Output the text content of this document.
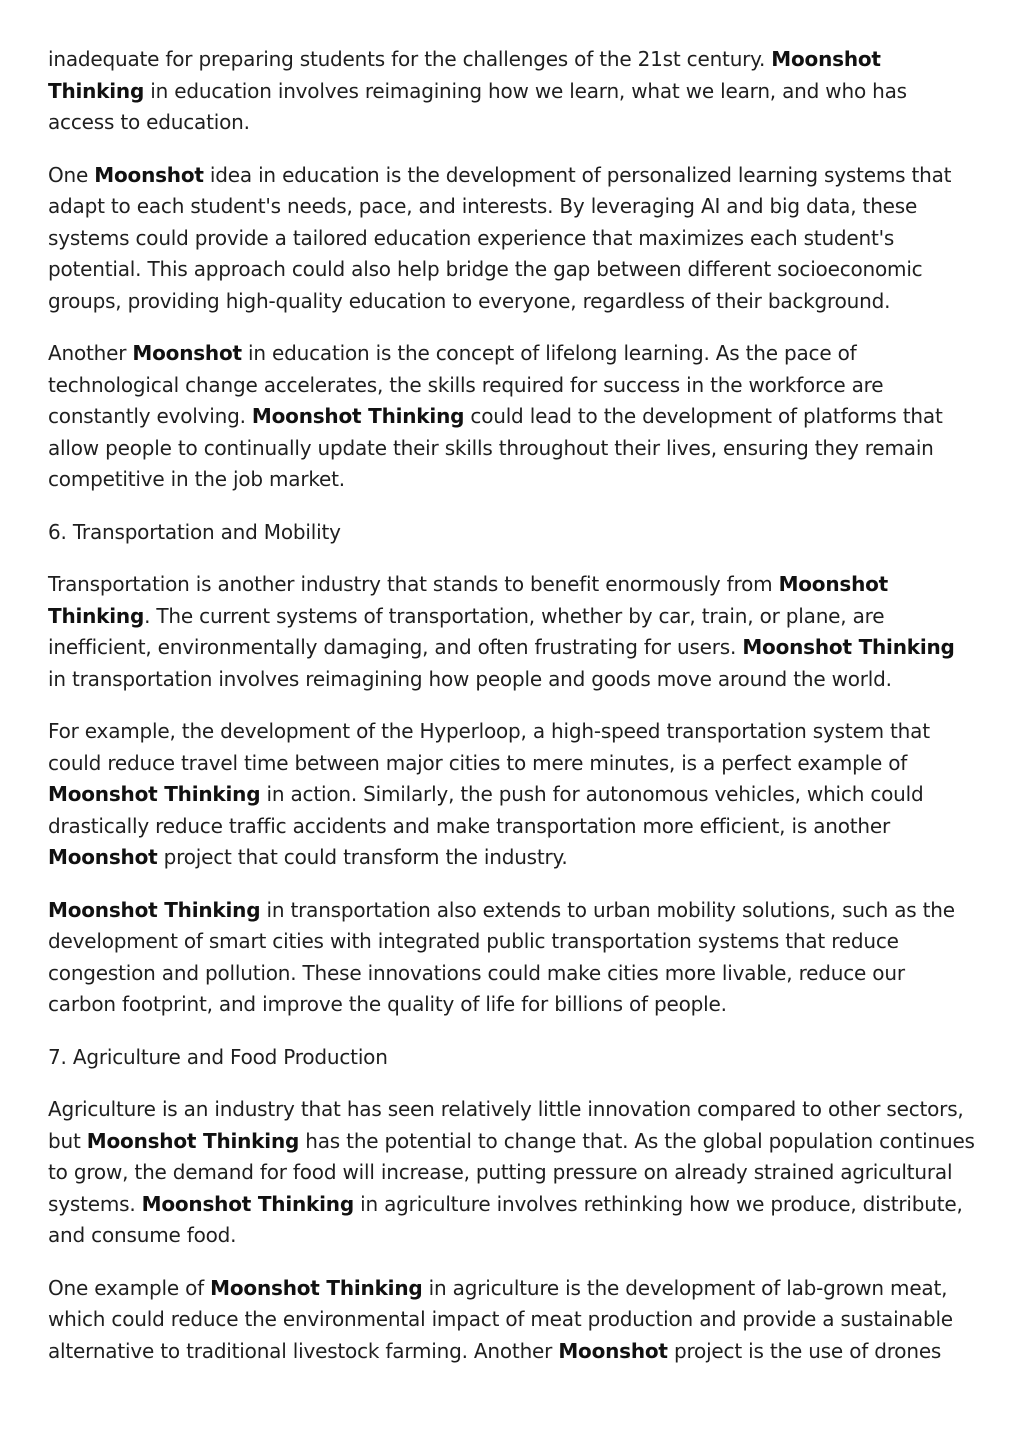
inadequate for preparing students for the challenges of the 21st century. Moonshot Thinking in education involves reimagining how we learn, what we learn, and who has access to education.

One Moonshot idea in education is the development of personalized learning systems that adapt to each student's needs, pace, and interests. By leveraging AI and big data, these systems could provide a tailored education experience that maximizes each student's potential. This approach could also help bridge the gap between different socioeconomic groups, providing high-quality education to everyone, regardless of their background.

Another Moonshot in education is the concept of lifelong learning. As the pace of technological change accelerates, the skills required for success in the workforce are constantly evolving. Moonshot Thinking could lead to the development of platforms that allow people to continually update their skills throughout their lives, ensuring they remain competitive in the job market.

6. Transportation and Mobility

Transportation is another industry that stands to benefit enormously from Moonshot Thinking. The current systems of transportation, whether by car, train, or plane, are inefficient, environmentally damaging, and often frustrating for users. Moonshot Thinking in transportation involves reimagining how people and goods move around the world.

For example, the development of the Hyperloop, a high-speed transportation system that could reduce travel time between major cities to mere minutes, is a perfect example of Moonshot Thinking in action. Similarly, the push for autonomous vehicles, which could drastically reduce traffic accidents and make transportation more efficient, is another Moonshot project that could transform the industry.

Moonshot Thinking in transportation also extends to urban mobility solutions, such as the development of smart cities with integrated public transportation systems that reduce congestion and pollution. These innovations could make cities more livable, reduce our carbon footprint, and improve the quality of life for billions of people.

7. Agriculture and Food Production

Agriculture is an industry that has seen relatively little innovation compared to other sectors, but Moonshot Thinking has the potential to change that. As the global population continues to grow, the demand for food will increase, putting pressure on already strained agricultural systems. Moonshot Thinking in agriculture involves rethinking how we produce, distribute, and consume food.

One example of Moonshot Thinking in agriculture is the development of lab-grown meat, which could reduce the environmental impact of meat production and provide a sustainable alternative to traditional livestock farming. Another Moonshot project is the use of drones
